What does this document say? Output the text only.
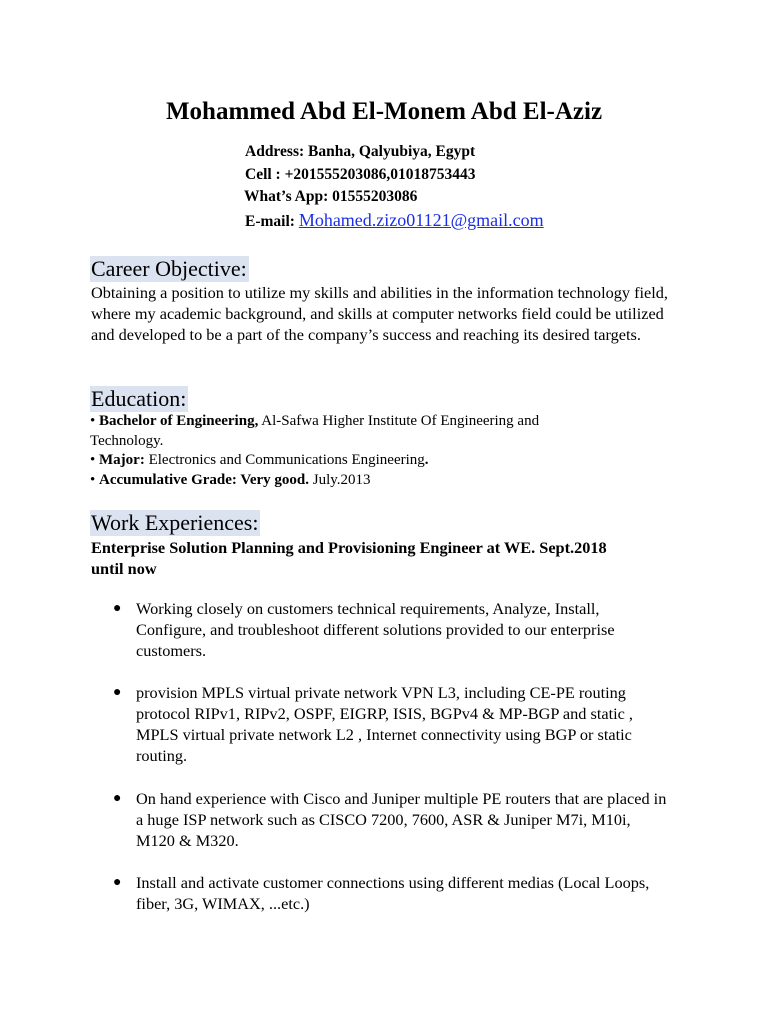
Mohammed Abd El-Monem Abd El-Aziz
Address: Banha, Qalyubiya, Egypt
Cell : +201555203086,01018753443
What’s App: 01555203086
E-mail: Mohamed.zizo01121@gmail.com
Career Objective:
Obtaining a position to utilize my skills and abilities in the information technology field, where my academic background, and skills at computer networks field could be utilized and developed to be a part of the company’s success and reaching its desired targets.
Education:
• Bachelor of Engineering, Al-Safwa Higher Institute Of Engineering and
Technology.
• Major: Electronics and Communications Engineering.
• Accumulative Grade: Very good. July.2013
Work Experiences:
Enterprise Solution Planning and Provisioning Engineer at WE. Sept.2018
until now
● Working closely on customers technical requirements, Analyze, Install, Configure, and troubleshoot different solutions provided to our enterprise customers.
● provision MPLS virtual private network VPN L3, including CE-PE routing protocol RIPv1, RIPv2, OSPF, EIGRP, ISIS, BGPv4 & MP-BGP and static , MPLS virtual private network L2 , Internet connectivity using BGP or static routing.
● On hand experience with Cisco and Juniper multiple PE routers that are placed in a huge ISP network such as CISCO 7200, 7600, ASR & Juniper M7i, M10i, M120 & M320.
● Install and activate customer connections using different medias (Local Loops, fiber, 3G, WIMAX, ...etc.)
